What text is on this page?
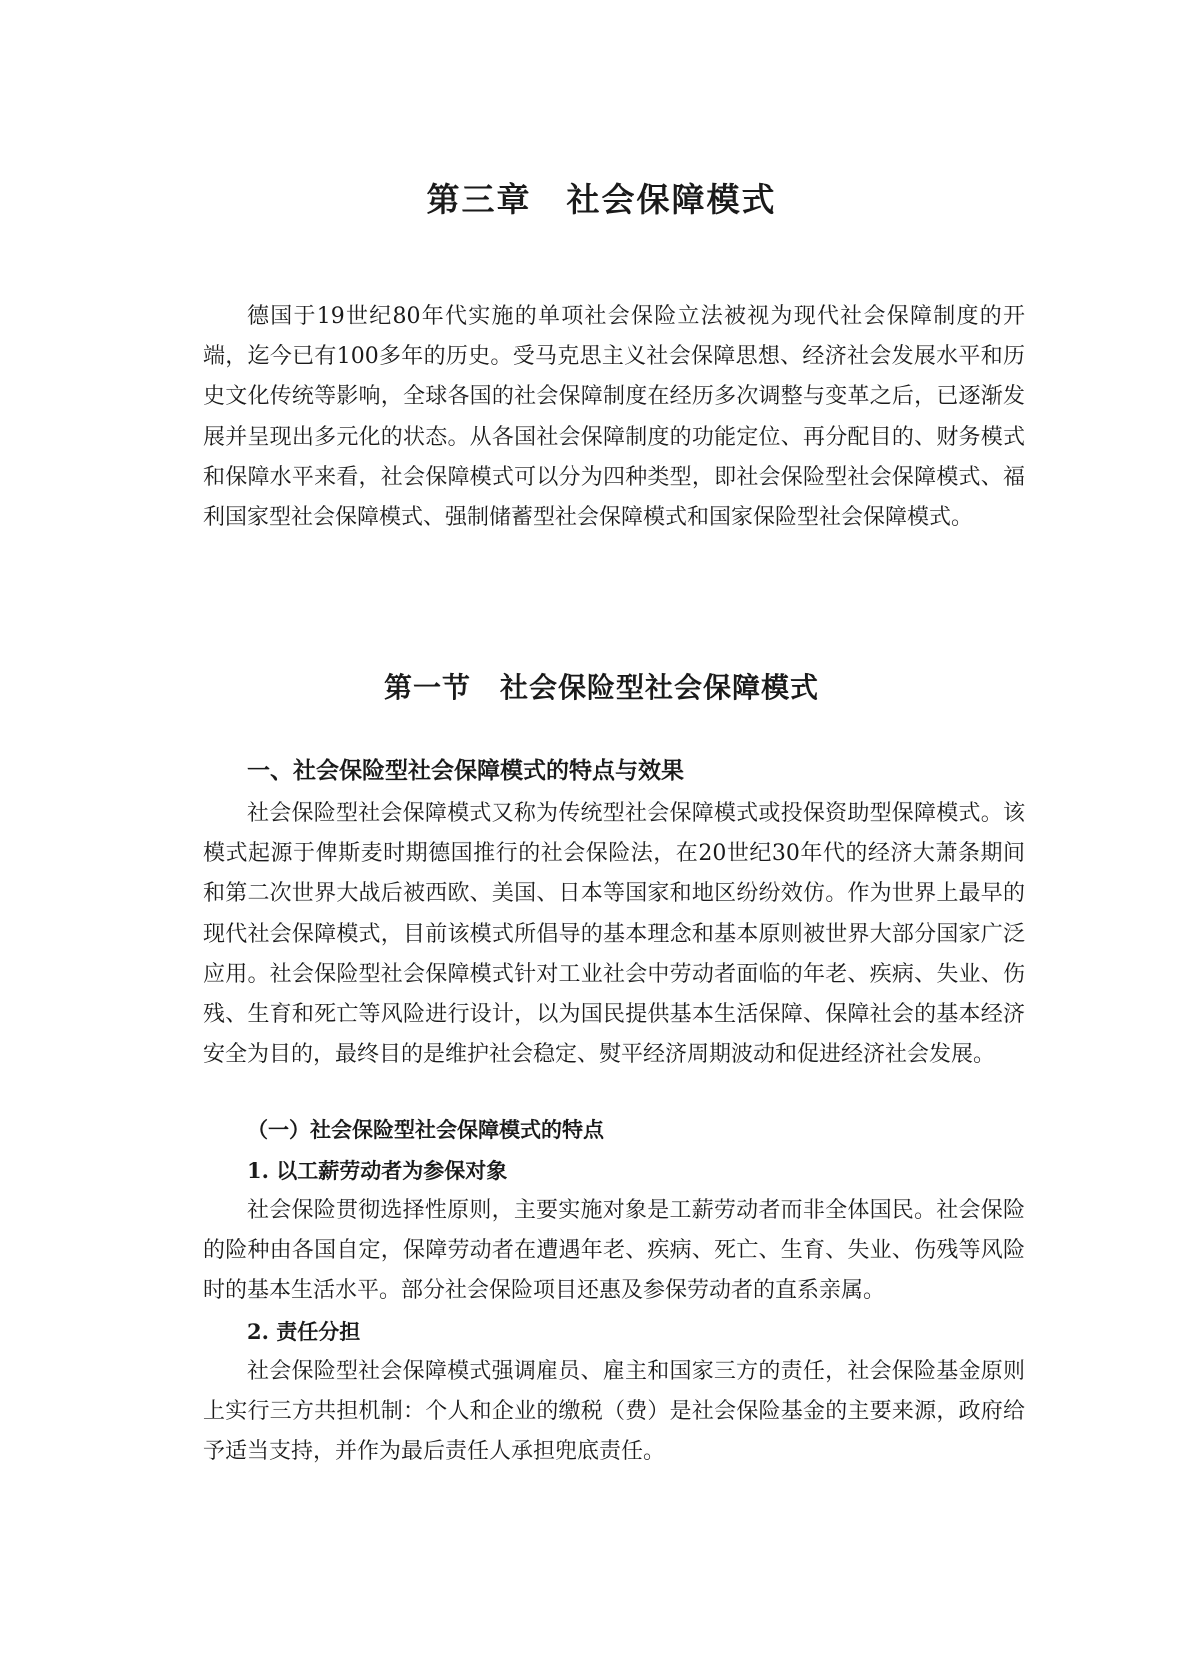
第三章　社会保障模式

德国于19世纪80年代实施的单项社会保险立法被视为现代社会保障制度的开端，迄今已有100多年的历史。受马克思主义社会保障思想、经济社会发展水平和历史文化传统等影响，全球各国的社会保障制度在经历多次调整与变革之后，已逐渐发展并呈现出多元化的状态。从各国社会保障制度的功能定位、再分配目的、财务模式和保障水平来看，社会保障模式可以分为四种类型，即社会保险型社会保障模式、福利国家型社会保障模式、强制储蓄型社会保障模式和国家保险型社会保障模式。

第一节　社会保险型社会保障模式
一、社会保险型社会保障模式的特点与效果

社会保险型社会保障模式又称为传统型社会保障模式或投保资助型保障模式。该模式起源于俾斯麦时期德国推行的社会保险法，在20世纪30年代的经济大萧条期间和第二次世界大战后被西欧、美国、日本等国家和地区纷纷效仿。作为世界上最早的现代社会保障模式，目前该模式所倡导的基本理念和基本原则被世界大部分国家广泛应用。社会保险型社会保障模式针对工业社会中劳动者面临的年老、疾病、失业、伤残、生育和死亡等风险进行设计，以为国民提供基本生活保障、保障社会的基本经济安全为目的，最终目的是维护社会稳定、熨平经济周期波动和促进经济社会发展。

（一）社会保险型社会保障模式的特点
1. 以工薪劳动者为参保对象

社会保险贯彻选择性原则，主要实施对象是工薪劳动者而非全体国民。社会保险的险种由各国自定，保障劳动者在遭遇年老、疾病、死亡、生育、失业、伤残等风险时的基本生活水平。部分社会保险项目还惠及参保劳动者的直系亲属。

2. 责任分担

社会保险型社会保障模式强调雇员、雇主和国家三方的责任，社会保险基金原则上实行三方共担机制：个人和企业的缴税（费）是社会保险基金的主要来源，政府给予适当支持，并作为最后责任人承担兜底责任。
